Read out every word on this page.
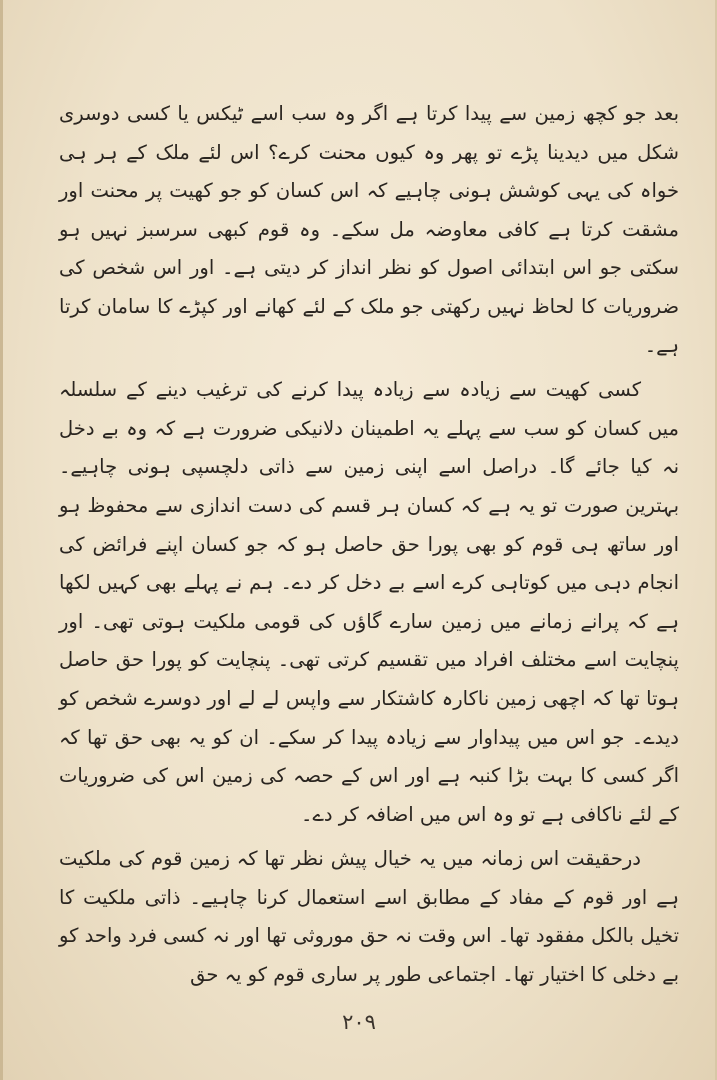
بعد جو کچھ زمین سے پیدا کرتا ہے اگر وہ سب اسے ٹیکس یا کسی دوسری شکل میں دیدینا پڑے تو پھر وہ کیوں محنت کرے؟ اس لئے ملک کے ہر ہی خواہ کی یہی کوشش ہونی چاہیے کہ اس کسان کو جو کھیت پر محنت اور مشقت کرتا ہے کافی معاوضہ مل سکے۔ وہ قوم کبھی سرسبز نہیں ہو سکتی جو اس ابتدائی اصول کو نظر انداز کر دیتی ہے۔ اور اس شخص کی ضروریات کا لحاظ نہیں رکھتی جو ملک کے لئے کھانے اور کپڑے کا سامان کرتا ہے۔

کسی کھیت سے زیادہ سے زیادہ پیدا کرنے کی ترغیب دینے کے سلسلہ میں کسان کو سب سے پہلے یہ اطمینان دلانیکی ضرورت ہے کہ وہ بے دخل نہ کیا جائے گا۔ دراصل اسے اپنی زمین سے ذاتی دلچسپی ہونی چاہیے۔ بہترین صورت تو یہ ہے کہ کسان ہر قسم کی دست اندازی سے محفوظ ہو اور ساتھ ہی قوم کو بھی پورا حق حاصل ہو کہ جو کسان اپنے فرائض کی انجام دہی میں کوتاہی کرے اسے بے دخل کر دے۔ ہم نے پہلے بھی کہیں لکھا ہے کہ پرانے زمانے میں زمین سارے گاؤں کی قومی ملکیت ہوتی تھی۔ اور پنچایت اسے مختلف افراد میں تقسیم کرتی تھی۔ پنچایت کو پورا حق حاصل ہوتا تھا کہ اچھی زمین ناکارہ کاشتکار سے واپس لے لے اور دوسرے شخص کو دیدے۔ جو اس میں پیداوار سے زیادہ پیدا کر سکے۔ ان کو یہ بھی حق تھا کہ اگر کسی کا بہت بڑا کنبہ ہے اور اس کے حصہ کی زمین اس کی ضروریات کے لئے ناکافی ہے تو وہ اس میں اضافہ کر دے۔

درحقیقت اس زمانہ میں یہ خیال پیش نظر تھا کہ زمین قوم کی ملکیت ہے اور قوم کے مفاد کے مطابق اسے استعمال کرنا چاہیے۔ ذاتی ملکیت کا تخیل بالکل مفقود تھا۔ اس وقت نہ حق موروثی تھا اور نہ کسی فرد واحد کو بے دخلی کا اختیار تھا۔ اجتماعی طور پر ساری قوم کو یہ حق

۲۰۹
